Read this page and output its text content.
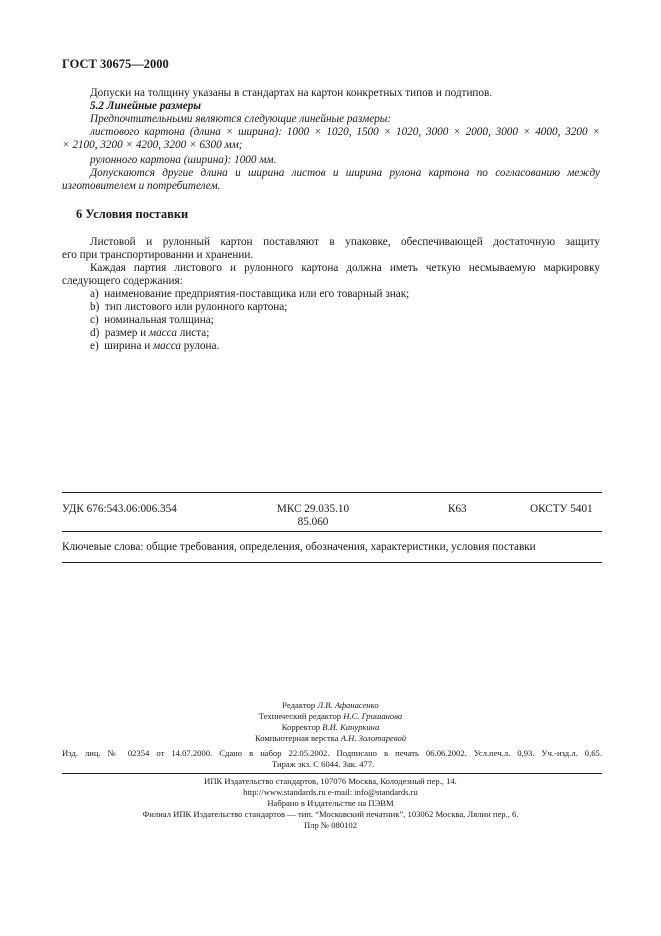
ГОСТ 30675—2000
Допуски на толщину указаны в стандартах на картон конкретных типов и подтипов.
5.2 Линейные размеры
Предпочтительными являются следующие линейные размеры:
листового картона (длина × ширина): 1000 × 1020, 1500 × 1020, 3000 × 2000, 3000 × 4000, 3200 ×
× 2100, 3200 × 4200, 3200 × 6300 мм;
рулонного картона (ширина): 1000 мм.
Допускаются другие длина и ширина листов и ширина рулона картона по согласованию между
изготовителем и потребителем.
6 Условия поставки
Листовой и рулонный картон поставляют в упаковке, обеспечивающей достаточную защиту
его при транспортировании и хранении.
Каждая партия листового и рулонного картона должна иметь четкую несмываемую маркировку
следующего содержания:
a) наименование предприятия-поставщика или его товарный знак;
b) тип листового или рулонного картона;
c) номинальная толщина;
d) размер и масса листа;
e) ширина и масса рулона.
УДК 676:543.06:006.354	МКС 29.035.10
85.060
К63	ОКСТУ 5401
Ключевые слова: общие требования, определения, обозначения, характеристики, условия поставки
Редактор Л.В. Афанасенко
Технический редактор Н.С. Гришанова
Корректор В.И. Кануркина
Компьютерная верстка А.Н. Золотаревой
Изд. лиц. № 02354 от 14.07.2000. Сдано в набор 22.05.2002. Подписано в печать 06.06.2002. Усл.печ.л. 0,93. Уч.-изд.л. 0,65.
Тираж экз. С 6044. Зак. 477.
ИПК Издательство стандартов, 107076 Москва, Колодезный пер., 14.
http://www.standards.ru e-mail: info@standards.ru
Набрано в Издательстве на ПЭВМ
Филиал ИПК Издательство стандартов — тип. “Московский печатник”, 103062 Москва, Лялин пер., 6.
Плр № 080102
